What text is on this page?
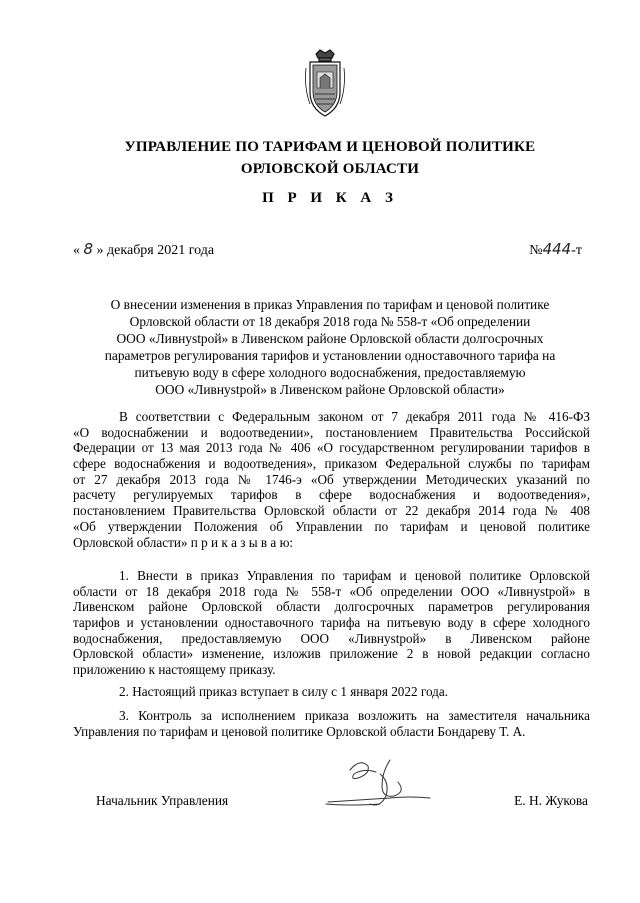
УПРАВЛЕНИЕ ПО ТАРИФАМ И ЦЕНОВОЙ ПОЛИТИКЕ
ОРЛОВСКОЙ ОБЛАСТИ
П Р И К А З
« 8 » декабря 2021 года	№444-т
О внесении изменения в приказ Управления по тарифам и ценовой политике
Орловской области от 18 декабря 2018 года № 558-т «Об определении
ООО «Ливнystрой» в Ливенском районе Орловской области долгосрочных
параметров регулирования тарифов и установлении одноставочного тарифа на
питьевую воду в сфере холодного водоснабжения, предоставляемую
ООО «Ливнystрой» в Ливенском районе Орловской области»
В соответствии с Федеральным законом от 7 декабря 2011 года № 416-ФЗ
«О водоснабжении и водоотведении», постановлением Правительства Российской
Федерации от 13 мая 2013 года № 406 «О государственном регулировании тарифов в
сфере водоснабжения и водоотведения», приказом Федеральной службы по тарифам
от 27 декабря 2013 года № 1746-э «Об утверждении Методических указаний по
расчету регулируемых тарифов в сфере водоснабжения и водоотведения»,
постановлением Правительства Орловской области от 22 декабря 2014 года № 408
«Об утверждении Положения об Управлении по тарифам и ценовой политике
Орловской области» п р и к а з ы в а ю:
1. Внести в приказ Управления по тарифам и ценовой политике Орловской
области от 18 декабря 2018 года № 558-т «Об определении ООО «Ливнystрой» в
Ливенском районе Орловской области долгосрочных параметров регулирования
тарифов и установлении одноставочного тарифа на питьевую воду в сфере холодного
водоснабжения, предоставляемую ООО «Ливнystрой» в Ливенском районе
Орловской области» изменение, изложив приложение 2 в новой редакции согласно
приложению к настоящему приказу.
2. Настоящий приказ вступает в силу с 1 января 2022 года.
3. Контроль за исполнением приказа возложить на заместителя начальника
Управления по тарифам и ценовой политике Орловской области Бондареву Т. А.
Начальник Управления	Е. Н. Жукова
